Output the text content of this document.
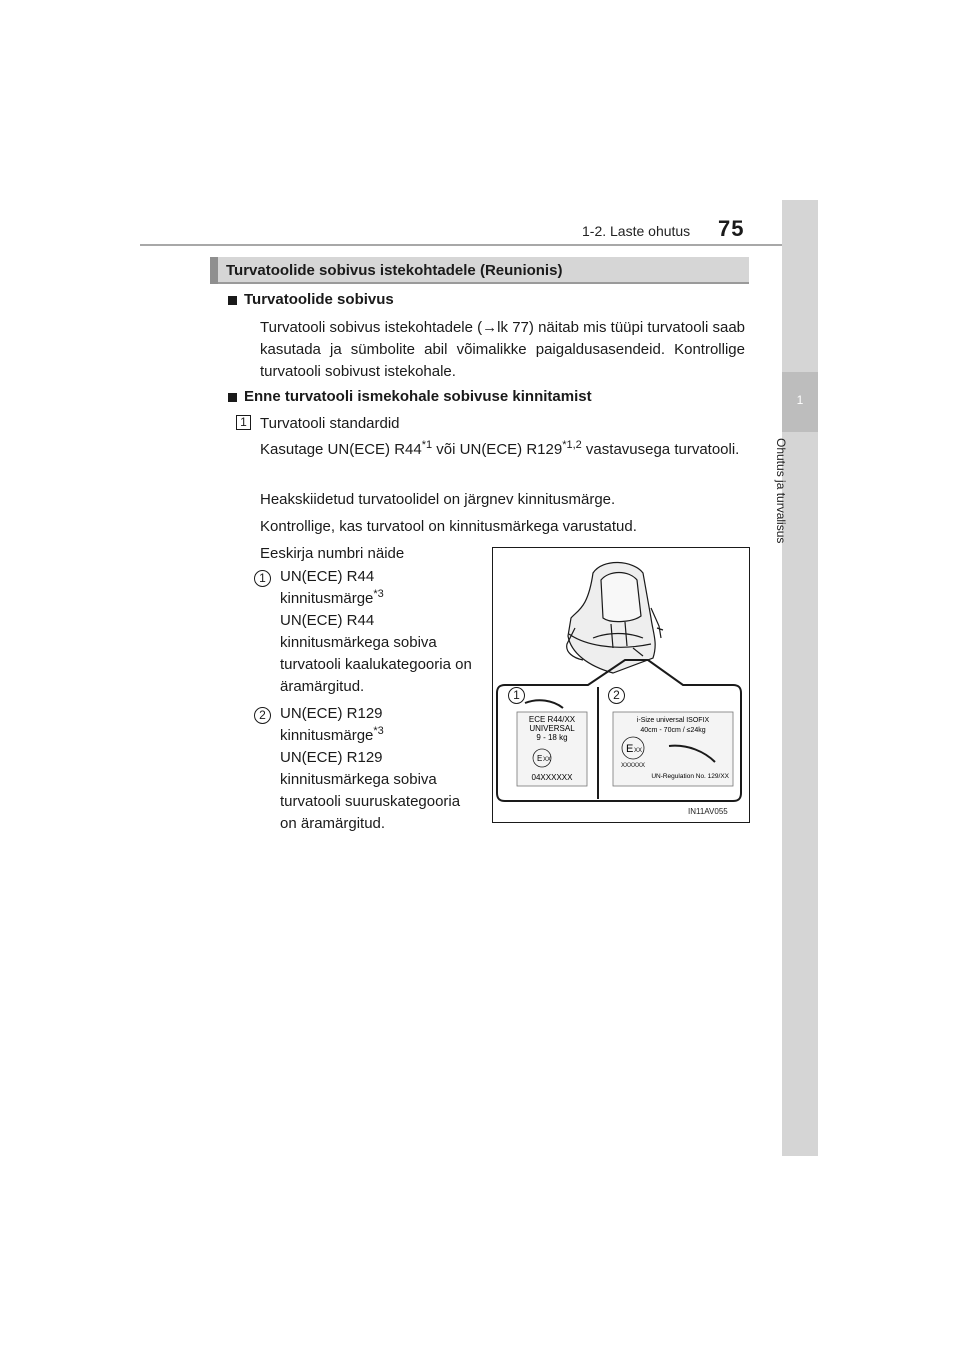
1-2. Laste ohutus 75
1
Ohutus ja turvalisus
Turvatoolide sobivus istekohtadele (Reunionis)
Turvatoolide sobivus
Turvatooli sobivus istekohtadele (→lk 77) näitab mis tüüpi turvatooli saab kasutada ja sümbolite abil võimalikke paigaldusasendeid. Kontrollige turvatooli sobivust istekohale.
Enne turvatooli ismekohale sobivuse kinnitamist
1 Turvatooli standardid
Kasutage UN(ECE) R44$^{*1}$ või UN(ECE) R129$^{*1,2}$ vastavusega turvatooli.
Heakskiidetud turvatoolidel on järgnev kinnitusmärge.
Kontrollige, kas turvatool on kinnitusmärkega varustatud.
Eeskirja numbri näide
1 UN(ECE) R44 kinnitusmärge$^{*3}$
UN(ECE) R44 kinnitusmärkega sobiva turvatooli kaalukategooria on äramärgitud.
2 UN(ECE) R129 kinnitusmärge$^{*3}$
UN(ECE) R129 kinnitusmärkega sobiva turvatooli suuruskategooria on äramärgitud.
ECE R44/XX
UNIVERSAL
9 - 18 kg
E XX
04XXXXXX
i-Size universal ISOFIX
40cm - 70cm / ≤24kg
E XX
XXXXXX
UN-Regulation No. 129/XX
1	2
IN11AV055
